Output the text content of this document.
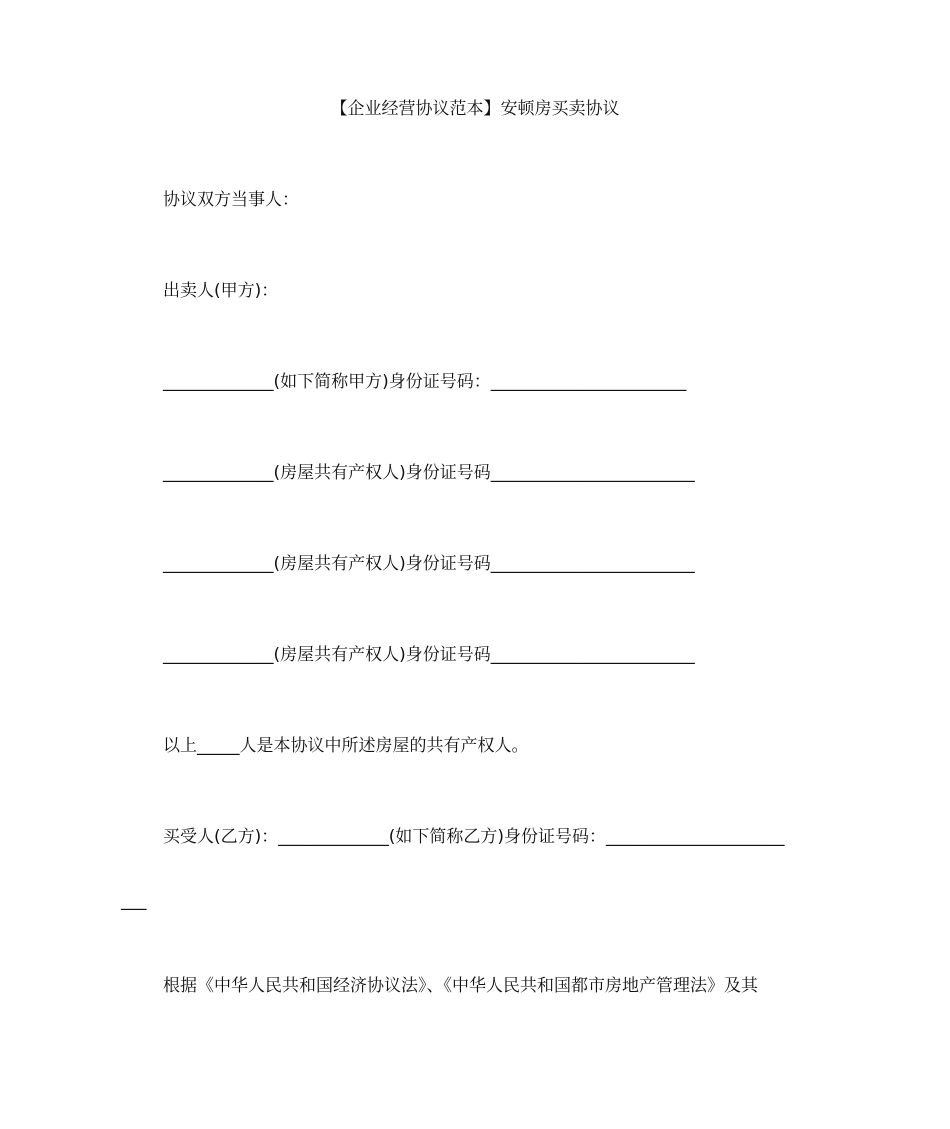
【企业经营协议范本】安顿房买卖协议
协议双方当事人：
出卖人(甲方)：
_____________(如下简称甲方)身份证号码：_______________________
_____________(房屋共有产权人)身份证号码________________________
_____________(房屋共有产权人)身份证号码________________________
_____________(房屋共有产权人)身份证号码________________________
以上_____人是本协议中所述房屋的共有产权人。
买受人(乙方)：_____________(如下简称乙方)身份证号码：_____________________
___
根据《中华人民共和国经济协议法》、《中华人民共和国都市房地产管理法》及其
